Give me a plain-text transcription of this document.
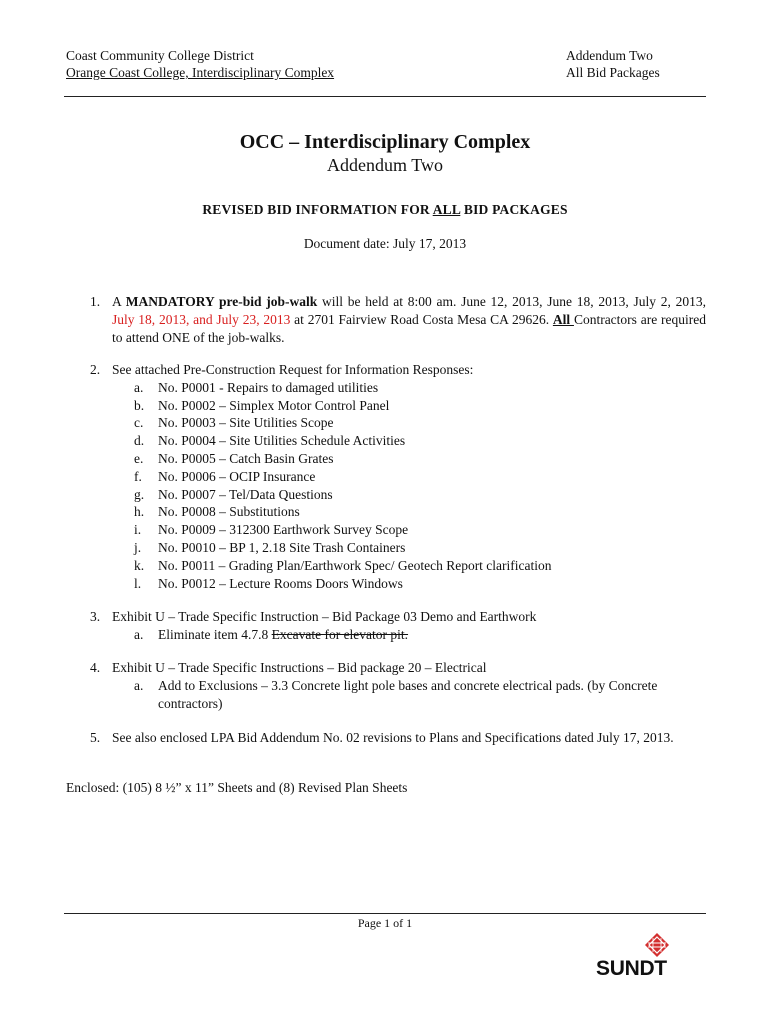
Coast Community College District
Orange Coast College, Interdisciplinary Complex
Addendum Two
All Bid Packages
OCC – Interdisciplinary Complex
Addendum Two
REVISED BID INFORMATION FOR ALL BID PACKAGES
Document date: July 17, 2013
1. A MANDATORY pre-bid job-walk will be held at 8:00 am. June 12, 2013, June 18, 2013, July 2, 2013, July 18, 2013, and July 23, 2013 at 2701 Fairview Road Costa Mesa CA 29626. All Contractors are required to attend ONE of the job-walks.
2. See attached Pre-Construction Request for Information Responses:
a. No. P0001 - Repairs to damaged utilities
b. No. P0002 – Simplex Motor Control Panel
c. No. P0003 – Site Utilities Scope
d. No. P0004 – Site Utilities Schedule Activities
e. No. P0005 – Catch Basin Grates
f. No. P0006 – OCIP Insurance
g. No. P0007 – Tel/Data Questions
h. No. P0008 – Substitutions
i. No. P0009 – 312300 Earthwork Survey Scope
j. No. P0010 – BP 1, 2.18 Site Trash Containers
k. No. P0011 – Grading Plan/Earthwork Spec/ Geotech Report clarification
l. No. P0012 – Lecture Rooms Doors Windows
3. Exhibit U – Trade Specific Instruction – Bid Package 03 Demo and Earthwork
a. Eliminate item 4.7.8 Excavate for elevator pit.
4. Exhibit U – Trade Specific Instructions – Bid package 20 – Electrical
a. Add to Exclusions – 3.3 Concrete light pole bases and concrete electrical pads. (by Concrete contractors)
5. See also enclosed LPA Bid Addendum No. 02 revisions to Plans and Specifications dated July 17, 2013.
Enclosed: (105) 8 ½” x 11” Sheets and (8) Revised Plan Sheets
Page 1 of 1
SUNDT
